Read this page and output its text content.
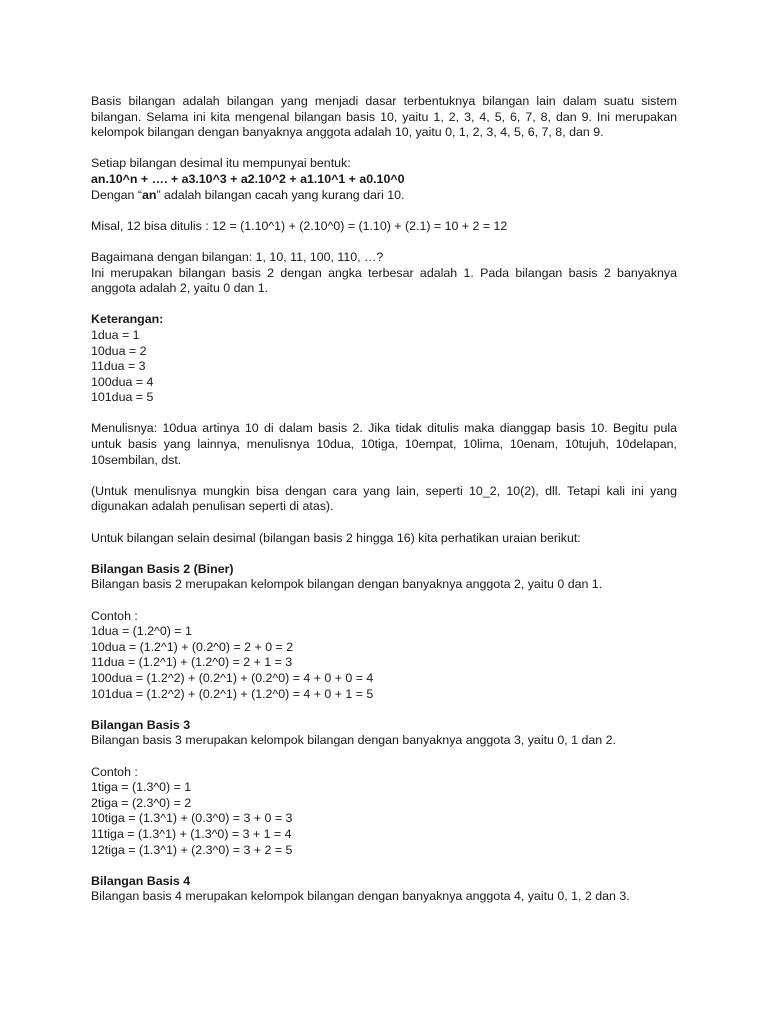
Basis bilangan adalah bilangan yang menjadi dasar terbentuknya bilangan lain dalam suatu sistem bilangan. Selama ini kita mengenal bilangan basis 10, yaitu 1, 2, 3, 4, 5, 6, 7, 8, dan 9. Ini merupakan kelompok bilangan dengan banyaknya anggota adalah 10, yaitu 0, 1, 2, 3, 4, 5, 6, 7, 8, dan 9.

Setiap bilangan desimal itu mempunyai bentuk:

an.10^n + …. + a3.10^3 + a2.10^2 + a1.10^1 + a0.10^0

Dengan “an” adalah bilangan cacah yang kurang dari 10.

Misal, 12 bisa ditulis : 12 = (1.10^1) + (2.10^0) = (1.10) + (2.1) = 10 + 2 = 12

Bagaimana dengan bilangan: 1, 10, 11, 100, 110, …?

Ini merupakan bilangan basis 2 dengan angka terbesar adalah 1. Pada bilangan basis 2 banyaknya anggota adalah 2, yaitu 0 dan 1.

Keterangan:

1dua = 1

10dua = 2

11dua = 3

100dua = 4

101dua = 5

Menulisnya: 10dua artinya 10 di dalam basis 2. Jika tidak ditulis maka dianggap basis 10. Begitu pula untuk basis yang lainnya, menulisnya 10dua, 10tiga, 10empat, 10lima, 10enam, 10tujuh, 10delapan, 10sembilan, dst.

(Untuk menulisnya mungkin bisa dengan cara yang lain, seperti 10_2, 10(2), dll. Tetapi kali ini yang digunakan adalah penulisan seperti di atas).

Untuk bilangan selain desimal (bilangan basis 2 hingga 16) kita perhatikan uraian berikut:

Bilangan Basis 2 (Biner)

Bilangan basis 2 merupakan kelompok bilangan dengan banyaknya anggota 2, yaitu 0 dan 1.

Contoh :

1dua = (1.2^0) = 1

10dua = (1.2^1) + (0.2^0) = 2 + 0 = 2

11dua = (1.2^1) + (1.2^0) = 2 + 1 = 3

100dua = (1.2^2) + (0.2^1) + (0.2^0) = 4 + 0 + 0 = 4

101dua = (1.2^2) + (0.2^1) + (1.2^0) = 4 + 0 + 1 = 5

Bilangan Basis 3

Bilangan basis 3 merupakan kelompok bilangan dengan banyaknya anggota 3, yaitu 0, 1 dan 2.

Contoh :

1tiga = (1.3^0) = 1

2tiga = (2.3^0) = 2

10tiga = (1.3^1) + (0.3^0) = 3 + 0 = 3

11tiga = (1.3^1) + (1.3^0) = 3 + 1 = 4

12tiga = (1.3^1) + (2.3^0) = 3 + 2 = 5

Bilangan Basis 4

Bilangan basis 4 merupakan kelompok bilangan dengan banyaknya anggota 4, yaitu 0, 1, 2 dan 3.
